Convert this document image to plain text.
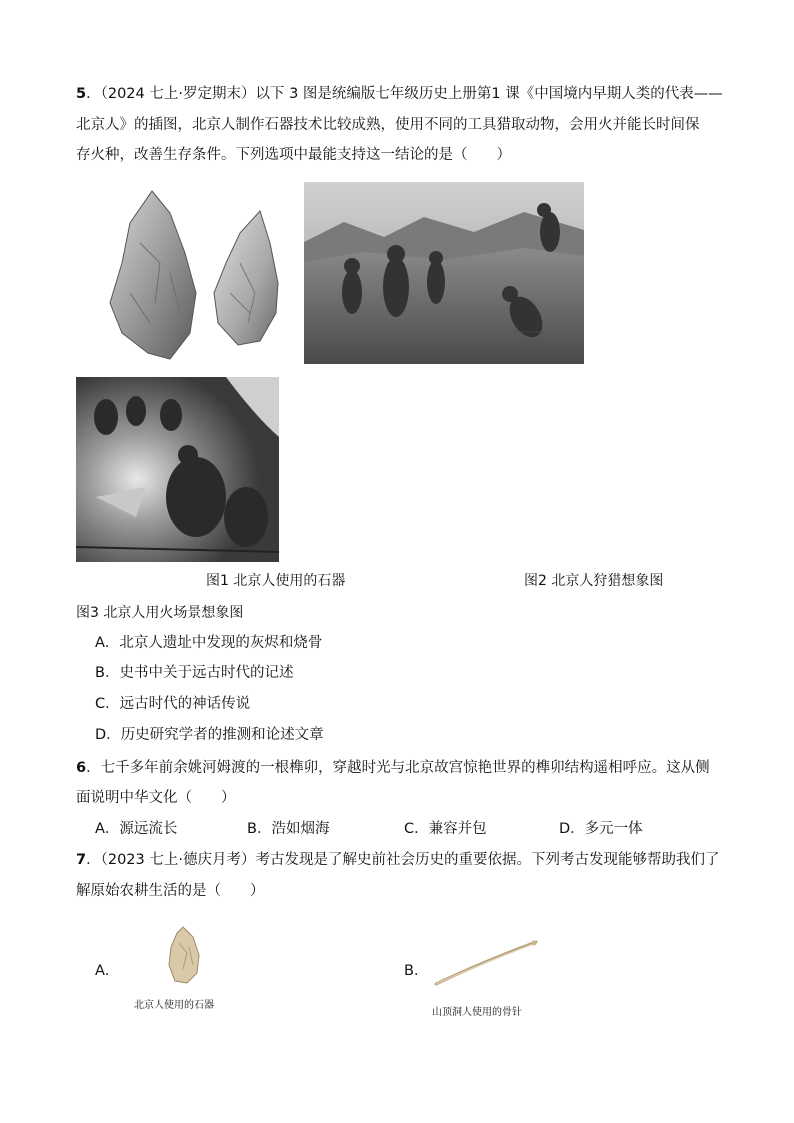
5．（2024 七上·罗定期末）以下 3 图是统编版七年级历史上册第1 课《中国境内早期人类的代表——
北京人》的插图，北京人制作石器技术比较成熟，使用不同的工具猎取动物，会用火并能长时间保
存火种，改善生存条件。下列选项中最能支持这一结论的是（　　）
图1 北京人使用的石器	图2 北京人狩猎想象图
图3 北京人用火场景想象图
A．北京人遗址中发现的灰烬和烧骨
B．史书中关于远古时代的记述
C．远古时代的神话传说
D．历史研究学者的推测和论述文章
6．七千多年前余姚河姆渡的一根榫卯，穿越时光与北京故宫惊艳世界的榫卯结构遥相呼应。这从侧
面说明中华文化（　　）
A．源远流长	B．浩如烟海	C．兼容并包	D．多元一体
7．（2023 七上·德庆月考）考古发现是了解史前社会历史的重要依据。下列考古发现能够帮助我们了
解原始农耕生活的是（　　）
A．
北京人使用的石器
B．
山顶洞人使用的骨针
